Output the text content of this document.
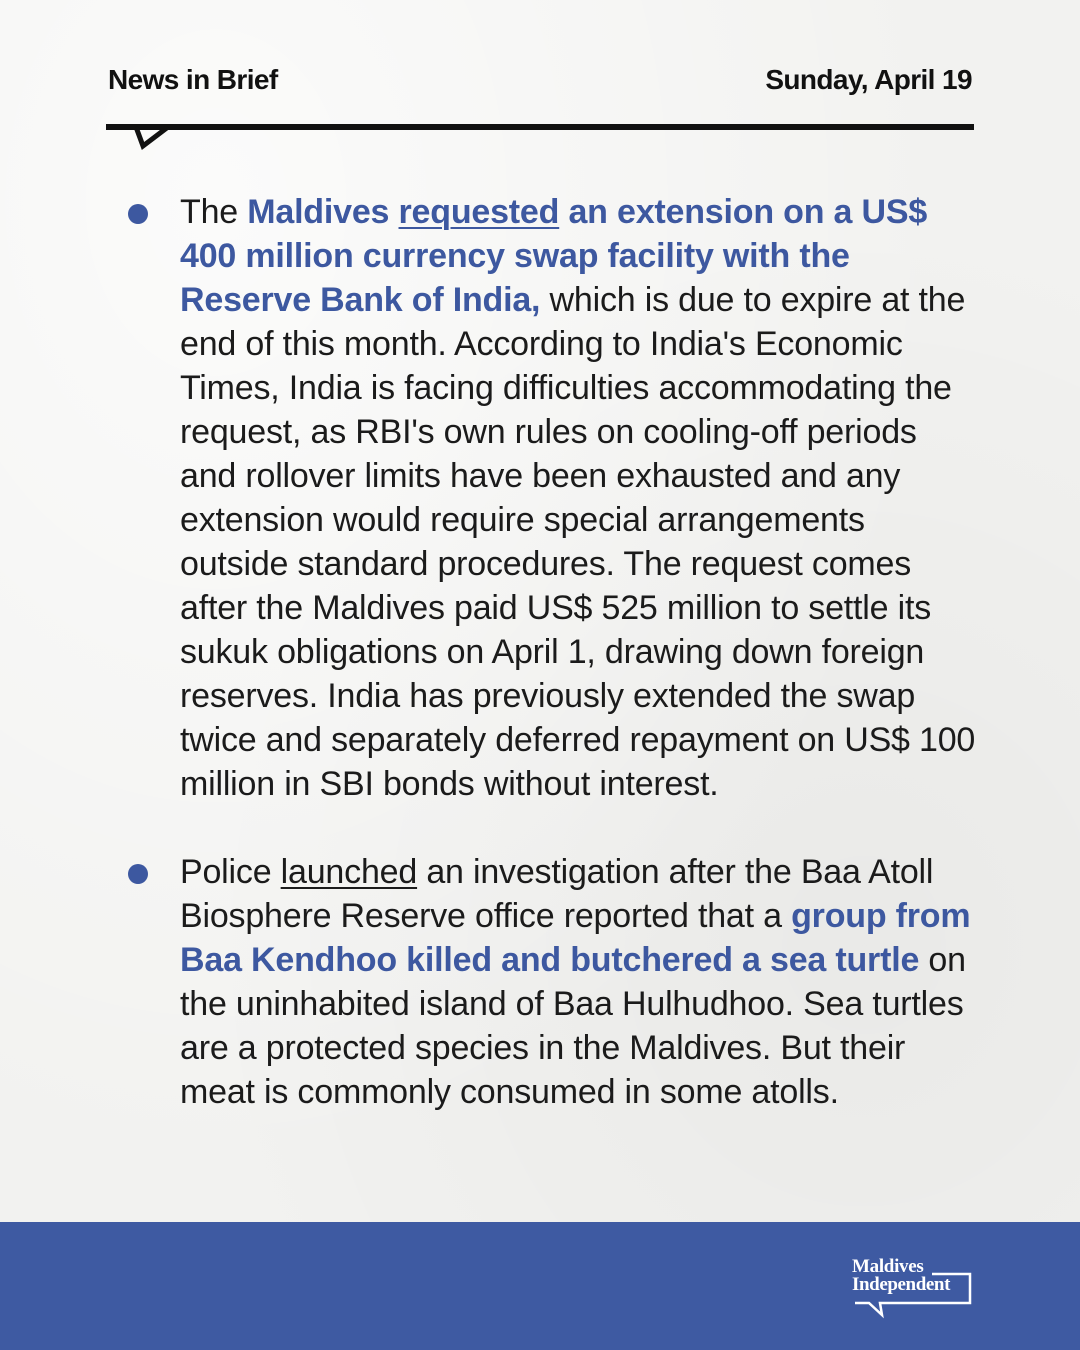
News in Brief	Sunday, April 19
The Maldives requested an extension on a US$ 400 million currency swap facility with the Reserve Bank of India, which is due to expire at the end of this month. According to India's Economic Times, India is facing difficulties accommodating the request, as RBI's own rules on cooling-off periods and rollover limits have been exhausted and any extension would require special arrangements outside standard procedures. The request comes after the Maldives paid US$ 525 million to settle its sukuk obligations on April 1, drawing down foreign reserves. India has previously extended the swap twice and separately deferred repayment on US$ 100 million in SBI bonds without interest.
Police launched an investigation after the Baa Atoll Biosphere Reserve office reported that a group from Baa Kendhoo killed and butchered a sea turtle on the uninhabited island of Baa Hulhudhoo. Sea turtles are a protected species in the Maldives. But their meat is commonly consumed in some atolls.
Maldives
Independent
